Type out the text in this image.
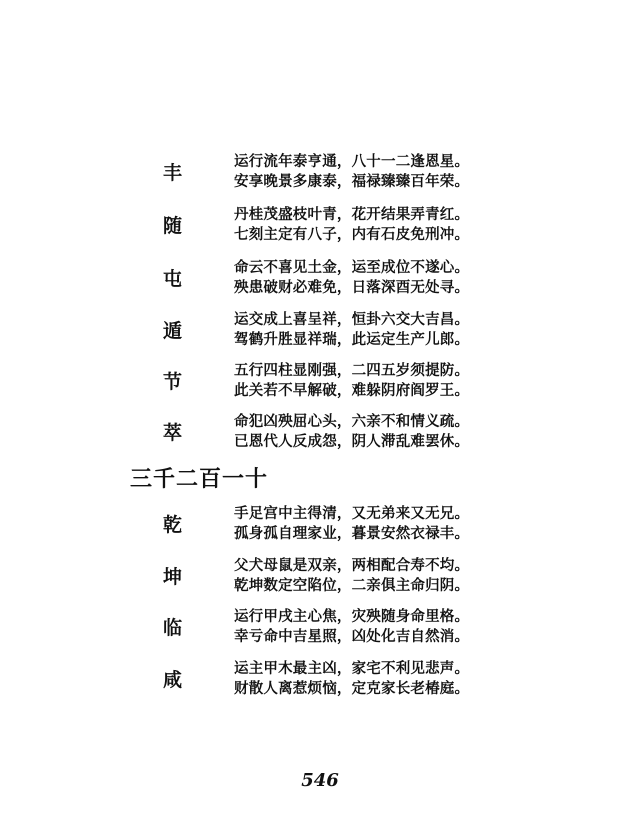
丰
运行流年泰亨通，八十一二逢恩星。
安享晚景多康泰，福禄臻臻百年荣。
随
丹桂茂盛枝叶青，花开结果弄青红。
七刻主定有八子，内有石皮免刑冲。
屯
命云不喜见土金，运至成位不遂心。
殃患破财必难免，日落深酉无处寻。
遁
运交成上喜呈祥，恒卦六交大吉昌。
驾鹤升胜显祥瑞，此运定生产儿郎。
节
五行四柱显刚强，二四五岁须提防。
此关若不早解破，难躲阴府阎罗王。
萃
命犯凶殃屈心头，六亲不和情义疏。
已恩代人反成怨，阴人滞乱难罢休。
三千二百一十
乾
手足宫中主得清，又无弟来又无兄。
孤身孤自理家业，暮景安然衣禄丰。
坤
父犬母鼠是双亲，两相配合寿不均。
乾坤数定空陷位，二亲俱主命归阴。
临
运行甲戌主心焦，灾殃随身命里格。
幸亏命中吉星照，凶处化吉自然消。
咸
运主甲木最主凶，家宅不利见悲声。
财散人离惹烦恼，定克家长老椿庭。
546
